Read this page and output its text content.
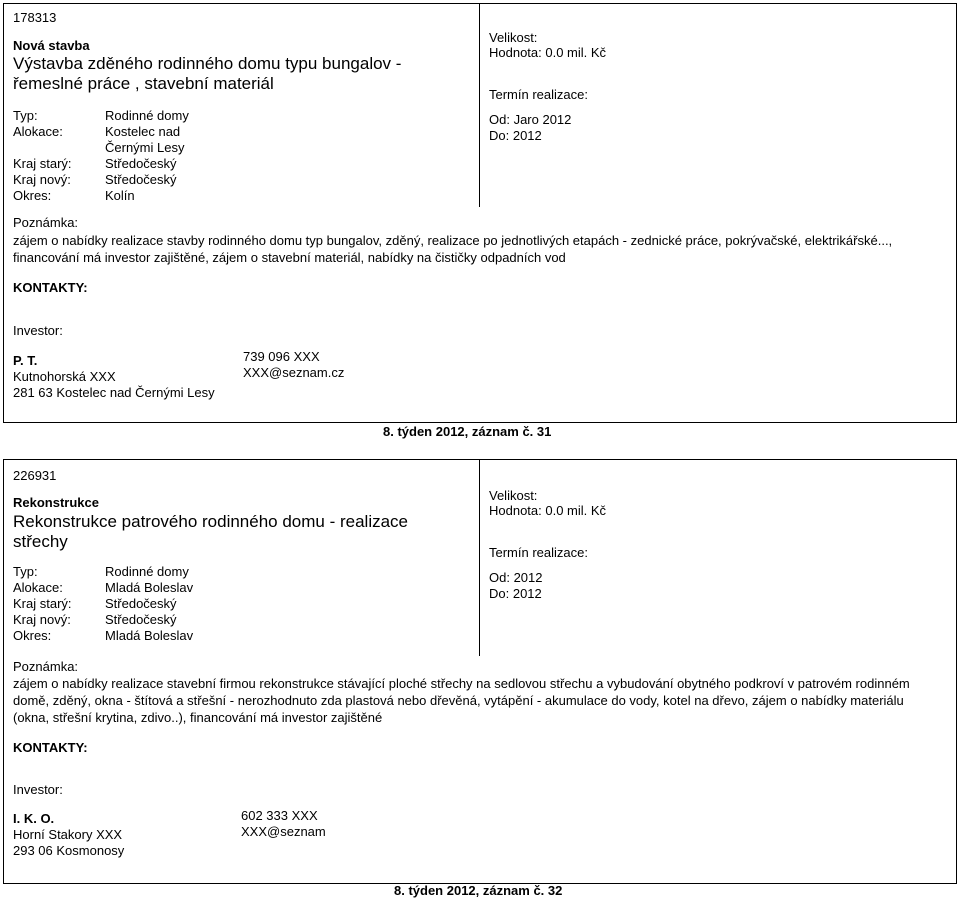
178313
Nová stavba
Výstavba zděného rodinného domu typu bungalov - řemeslné práce , stavební materiál
Typ:	Rodinné domy
Alokace:	Kostelec nad Černými Lesy
Kraj starý:	Středočeský
Kraj nový:	Středočeský
Okres:	Kolín
Velikost:
Hodnota: 0.0 mil. Kč
Termín realizace:
Od: Jaro 2012
Do: 2012
Poznámka:
zájem o nabídky realizace stavby rodinného domu typ bungalov, zděný, realizace po jednotlivých etapách - zednické práce, pokrývačské, elektrikářské..., financování má investor zajištěné, zájem o stavební materiál, nabídky na čističky odpadních vod
KONTAKTY:
Investor:
P. T.
Kutnohorská XXX
281 63 Kostelec nad Černými Lesy
739 096 XXX
XXX@seznam.cz
8. týden 2012, záznam č. 31
226931
Rekonstrukce
Rekonstrukce patrového rodinného domu - realizace střechy
Typ:	Rodinné domy
Alokace:	Mladá Boleslav
Kraj starý:	Středočeský
Kraj nový:	Středočeský
Okres:	Mladá Boleslav
Velikost:
Hodnota: 0.0 mil. Kč
Termín realizace:
Od: 2012
Do: 2012
Poznámka:
zájem o nabídky realizace stavební firmou rekonstrukce stávající ploché střechy na sedlovou střechu a vybudování obytného podkroví v patrovém rodinném domě, zděný, okna - štítová a střešní - nerozhodnuto zda plastová nebo dřevěná, vytápění - akumulace do vody, kotel na dřevo, zájem o nabídky materiálu (okna, střešní krytina, zdivo..), financování má investor zajištěné
KONTAKTY:
Investor:
I. K. O.
Horní Stakory XXX
293 06 Kosmonosy
602 333 XXX
XXX@seznam
8. týden 2012, záznam č. 32
